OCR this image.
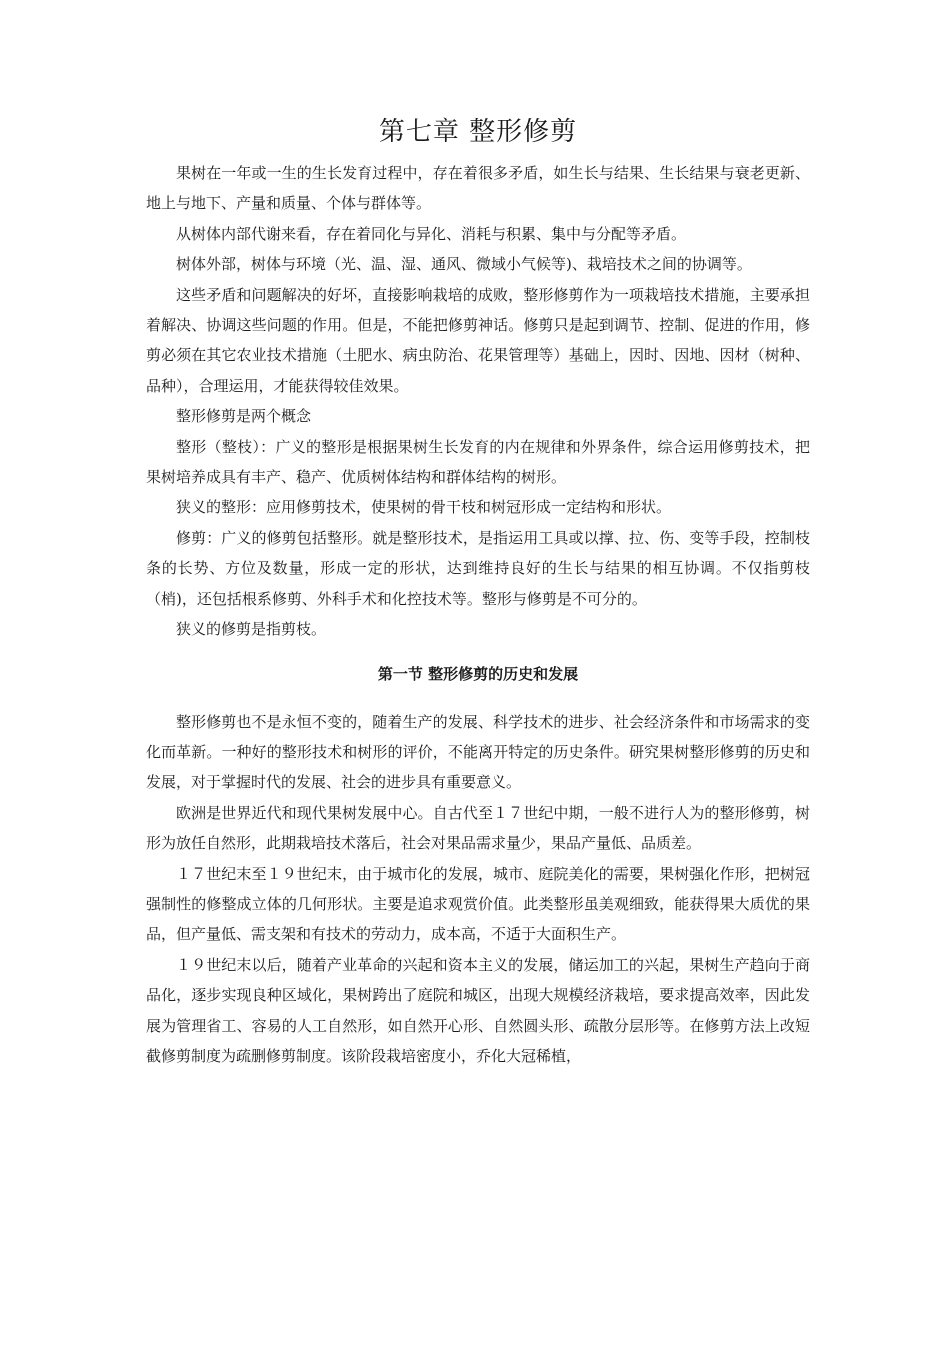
第七章 整形修剪

果树在一年或一生的生长发育过程中，存在着很多矛盾，如生长与结果、生长结果与衰老更新、地上与地下、产量和质量、个体与群体等。

从树体内部代谢来看，存在着同化与异化、消耗与积累、集中与分配等矛盾。

树体外部，树体与环境（光、温、湿、通风、微域小气候等)、栽培技术之间的协调等。

这些矛盾和问题解决的好坏，直接影响栽培的成败，整形修剪作为一项栽培技术措施，主要承担着解决、协调这些问题的作用。但是，不能把修剪神话。修剪只是起到调节、控制、促进的作用，修剪必须在其它农业技术措施（土肥水、病虫防治、花果管理等）基础上，因时、因地、因材（树种、品种），合理运用，才能获得较佳效果。

整形修剪是两个概念

整形（整枝）：广义的整形是根据果树生长发育的内在规律和外界条件，综合运用修剪技术，把果树培养成具有丰产、稳产、优质树体结构和群体结构的树形。

狭义的整形：应用修剪技术，使果树的骨干枝和树冠形成一定结构和形状。

修剪：广义的修剪包括整形。就是整形技术，是指运用工具或以撑、拉、伤、变等手段，控制枝条的长势、方位及数量，形成一定的形状，达到维持良好的生长与结果的相互协调。不仅指剪枝（梢)，还包括根系修剪、外科手术和化控技术等。整形与修剪是不可分的。

狭义的修剪是指剪枝。

第一节 整形修剪的历史和发展

整形修剪也不是永恒不变的，随着生产的发展、科学技术的进步、社会经济条件和市场需求的变化而革新。一种好的整形技术和树形的评价，不能离开特定的历史条件。研究果树整形修剪的历史和发展，对于掌握时代的发展、社会的进步具有重要意义。

欧洲是世界近代和现代果树发展中心。自古代至１７世纪中期，一般不进行人为的整形修剪，树形为放任自然形，此期栽培技术落后，社会对果品需求量少，果品产量低、品质差。

１７世纪末至１９世纪末，由于城市化的发展，城市、庭院美化的需要，果树强化作形，把树冠强制性的修整成立体的几何形状。主要是追求观赏价值。此类整形虽美观细致，能获得果大质优的果品，但产量低、需支架和有技术的劳动力，成本高，不适于大面积生产。

１９世纪末以后，随着产业革命的兴起和资本主义的发展，储运加工的兴起，果树生产趋向于商品化，逐步实现良种区域化，果树跨出了庭院和城区，出现大规模经济栽培，要求提高效率，因此发展为管理省工、容易的人工自然形，如自然开心形、自然圆头形、疏散分层形等。在修剪方法上改短截修剪制度为疏删修剪制度。该阶段栽培密度小，乔化大冠稀植，
